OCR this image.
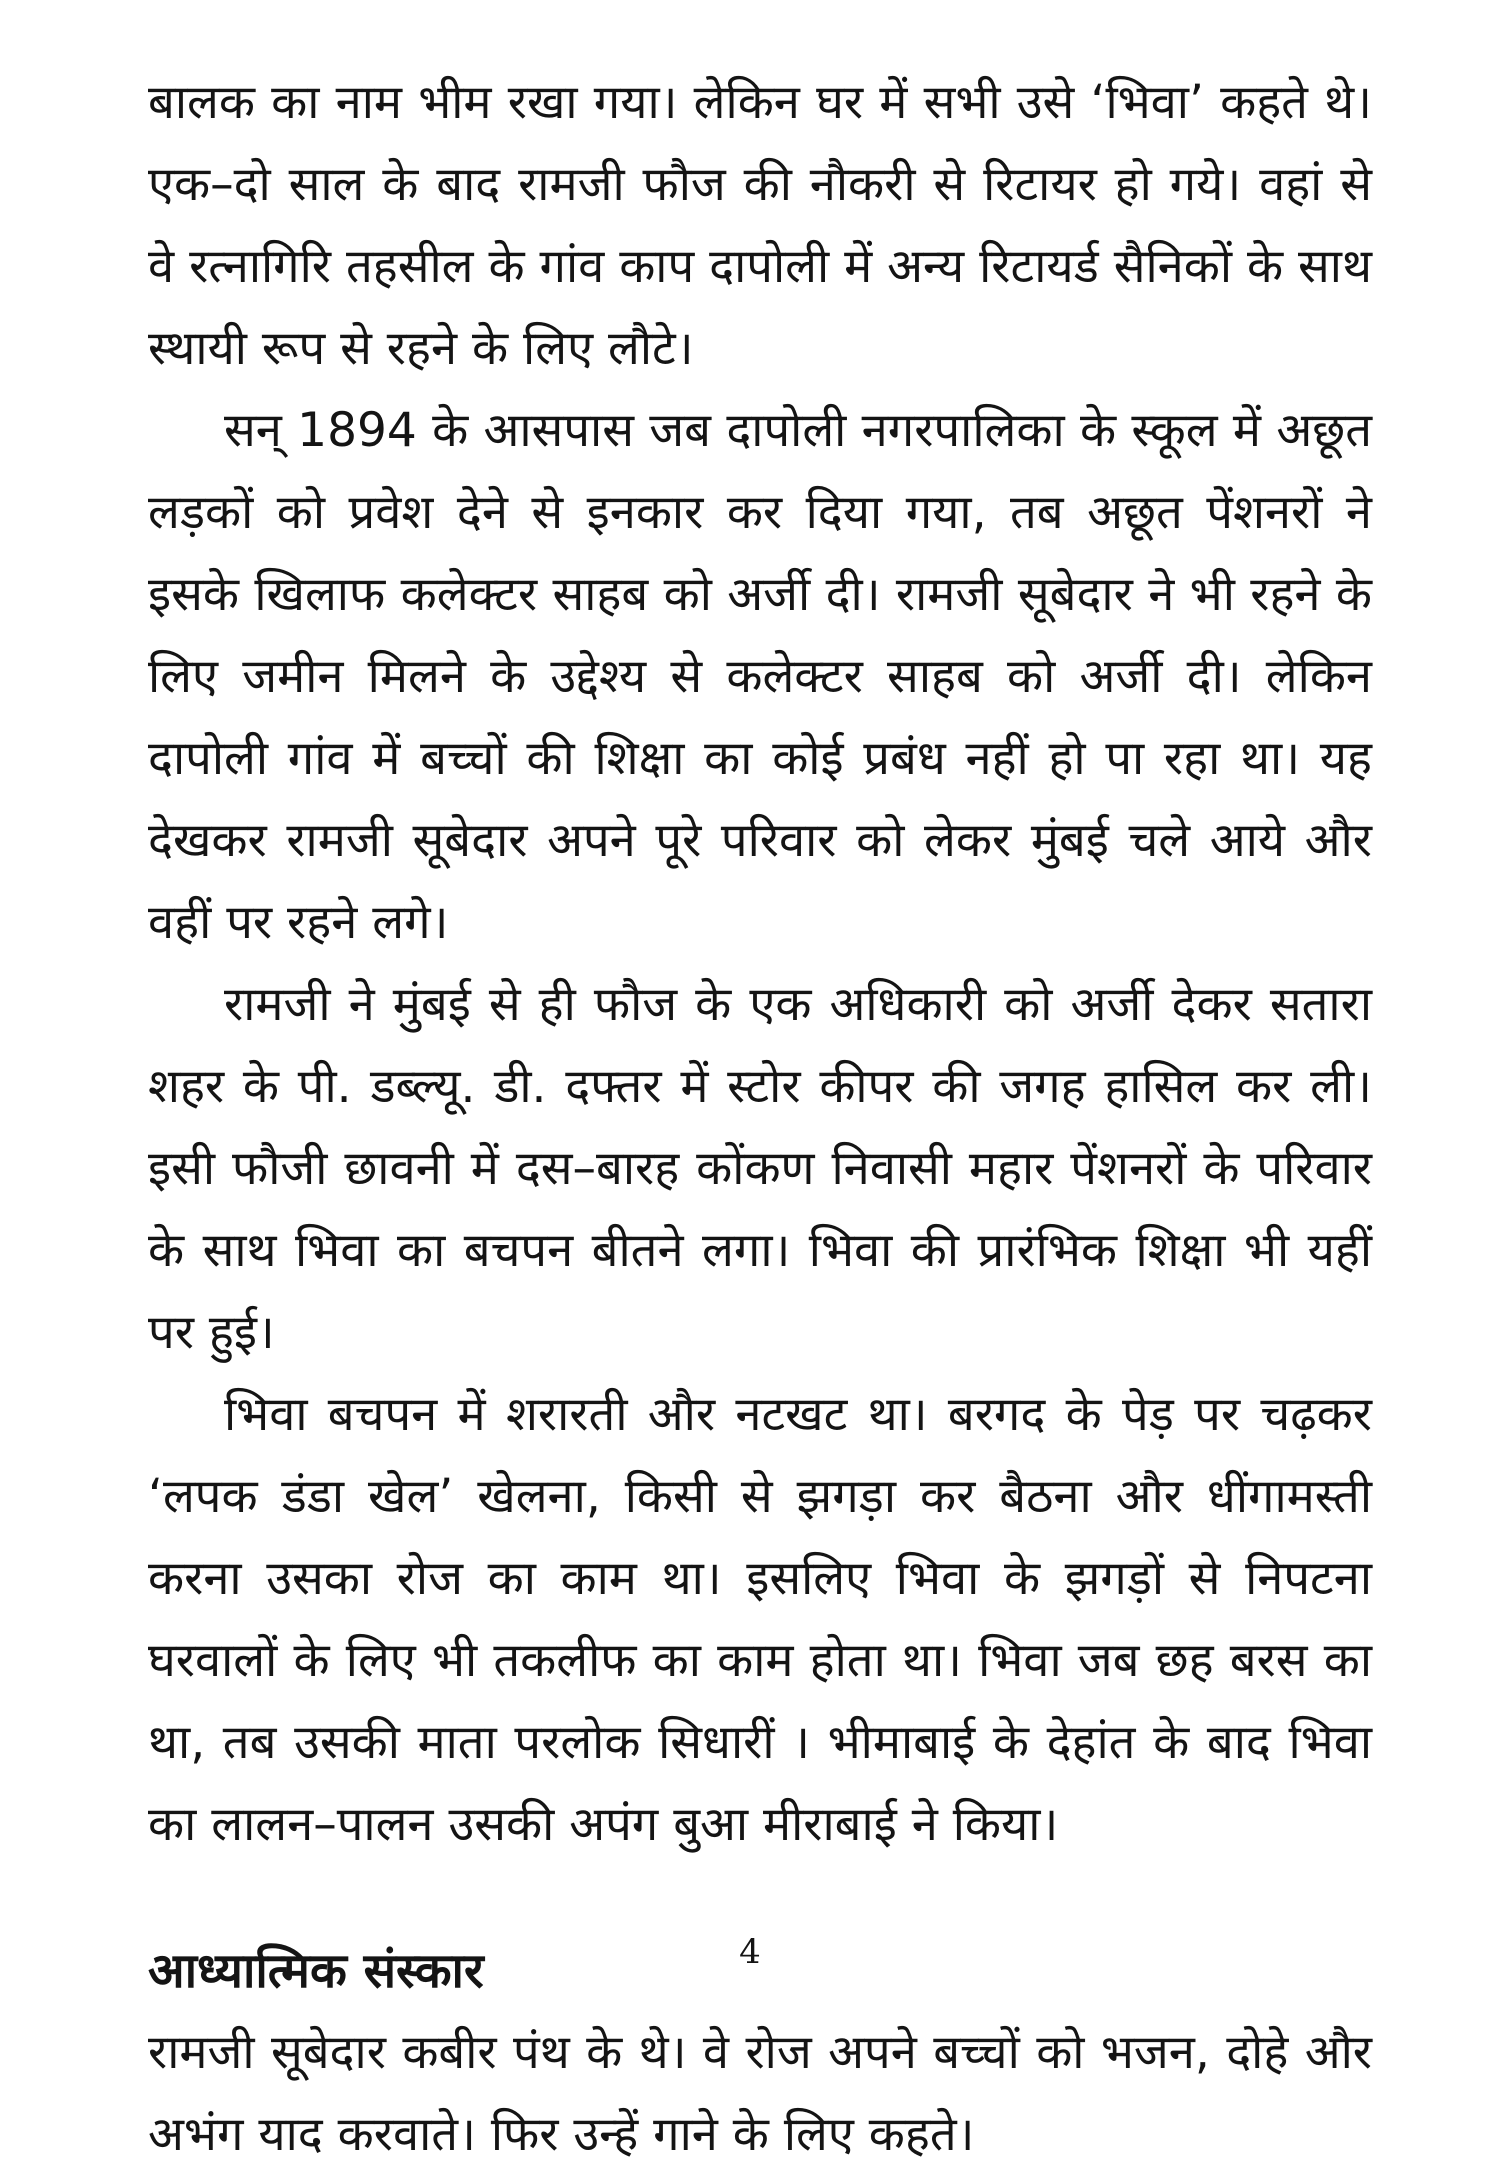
बालक का नाम भीम रखा गया। लेकिन घर में सभी उसे ‘भिवा’ कहते थे। एक–दो साल के बाद रामजी फौज की नौकरी से रिटायर हो गये। वहां से वे रत्नागिरि तहसील के गांव काप दापोली में अन्य रिटायर्ड सैनिकों के साथ स्थायी रूप से रहने के लिए लौटे।

सन् 1894 के आसपास जब दापोली नगरपालिका के स्कूल में अछूत लड़कों को प्रवेश देने से इनकार कर दिया गया, तब अछूत पेंशनरों ने इसके खिलाफ कलेक्टर साहब को अर्जी दी। रामजी सूबेदार ने भी रहने के लिए जमीन मिलने के उद्देश्य से कलेक्टर साहब को अर्जी दी। लेकिन दापोली गांव में बच्चों की शिक्षा का कोई प्रबंध नहीं हो पा रहा था। यह देखकर रामजी सूबेदार अपने पूरे परिवार को लेकर मुंबई चले आये और वहीं पर रहने लगे।

रामजी ने मुंबई से ही फौज के एक अधिकारी को अर्जी देकर सतारा शहर के पी. डब्ल्यू. डी. दफ्तर में स्टोर कीपर की जगह हासिल कर ली। इसी फौजी छावनी में दस–बारह कोंकण निवासी महार पेंशनरों के परिवार के साथ भिवा का बचपन बीतने लगा। भिवा की प्रारंभिक शिक्षा भी यहीं पर हुई।

भिवा बचपन में शरारती और नटखट था। बरगद के पेड़ पर चढ़कर ‘लपक डंडा खेल’ खेलना, किसी से झगड़ा कर बैठना और धींगामस्ती करना उसका रोज का काम था। इसलिए भिवा के झगड़ों से निपटना घरवालों के लिए भी तकलीफ का काम होता था। भिवा जब छह बरस का था, तब उसकी माता परलोक सिधारीं । भीमाबाई के देहांत के बाद भिवा का लालन–पालन उसकी अपंग बुआ मीराबाई ने किया।

आध्यात्मिक संस्कार

रामजी सूबेदार कबीर पंथ के थे। वे रोज अपने बच्चों को भजन, दोहे और अभंग याद करवाते। फिर उन्हें गाने के लिए कहते।

4
